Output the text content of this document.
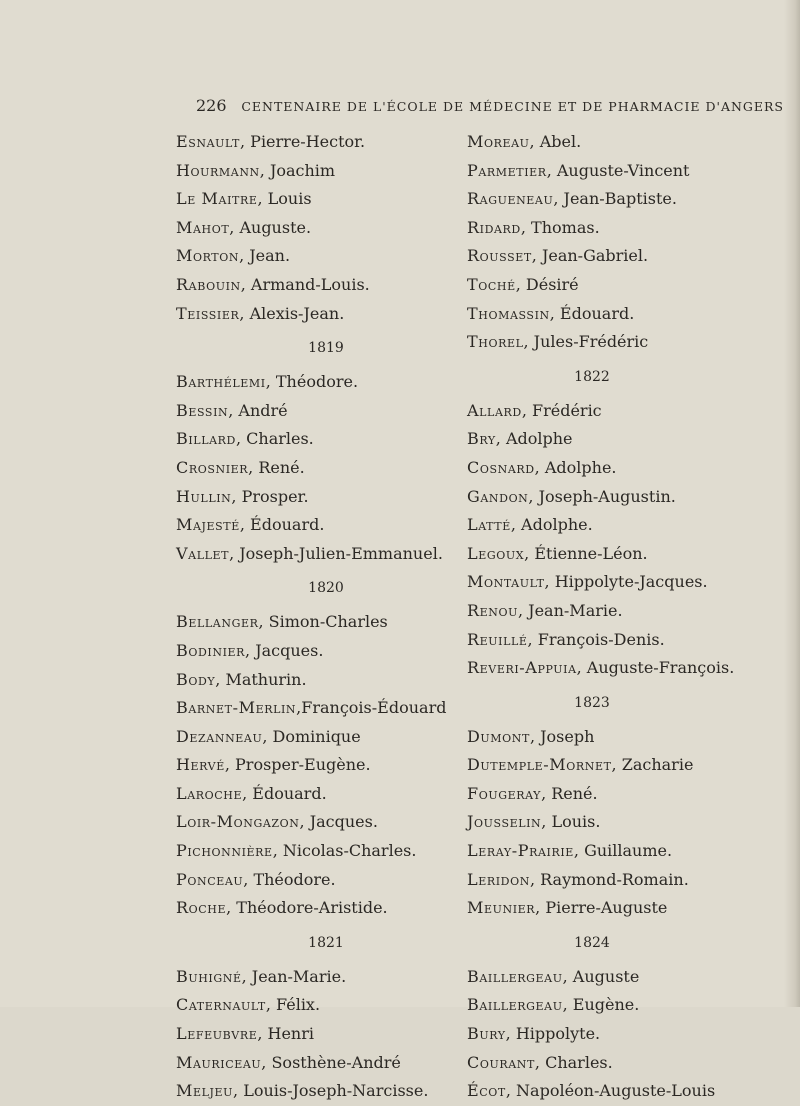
226 CENTENAIRE DE L'ÉCOLE DE MÉDECINE ET DE PHARMACIE D'ANGERS
Esnault, Pierre-Hector.
Hourmann, Joachim
Le Maitre, Louis
Mahot, Auguste.
Morton, Jean.
Rabouin, Armand-Louis.
Teissier, Alexis-Jean.
1819
Barthélemi, Théodore.
Bessin, André
Billard, Charles.
Crosnier, René.
Hullin, Prosper.
Majesté, Édouard.
Vallet, Joseph-Julien-Emmanuel.
1820
Bellanger, Simon-Charles
Bodinier, Jacques.
Body, Mathurin.
Barnet-Merlin,François-Édouard
Dezanneau, Dominique
Hervé, Prosper-Eugène.
Laroche, Édouard.
Loir-Mongazon, Jacques.
Pichonnière, Nicolas-Charles.
Ponceau, Théodore.
Roche, Théodore-Aristide.
1821
Buhigné, Jean-Marie.
Caternault, Félix.
Lefeubvre, Henri
Mauriceau, Sosthène-André
Meljeu, Louis-Joseph-Narcisse.
Moreau, Abel.
Parmetier, Auguste-Vincent
Ragueneau, Jean-Baptiste.
Ridard, Thomas.
Rousset, Jean-Gabriel.
Toché, Désiré
Thomassin, Édouard.
Thorel, Jules-Frédéric
1822
Allard, Frédéric
Bry, Adolphe
Cosnard, Adolphe.
Gandon, Joseph-Augustin.
Latté, Adolphe.
Legoux, Étienne-Léon.
Montault, Hippolyte-Jacques.
Renou, Jean-Marie.
Reuillé, François-Denis.
Reveri-Appuia, Auguste-François.
1823
Dumont, Joseph
Dutemple-Mornet, Zacharie
Fougeray, René.
Jousselin, Louis.
Leray-Prairie, Guillaume.
Leridon, Raymond-Romain.
Meunier, Pierre-Auguste
1824
Baillergeau, Auguste
Baillergeau, Eugène.
Bury, Hippolyte.
Courant, Charles.
Écot, Napoléon-Auguste-Louis
